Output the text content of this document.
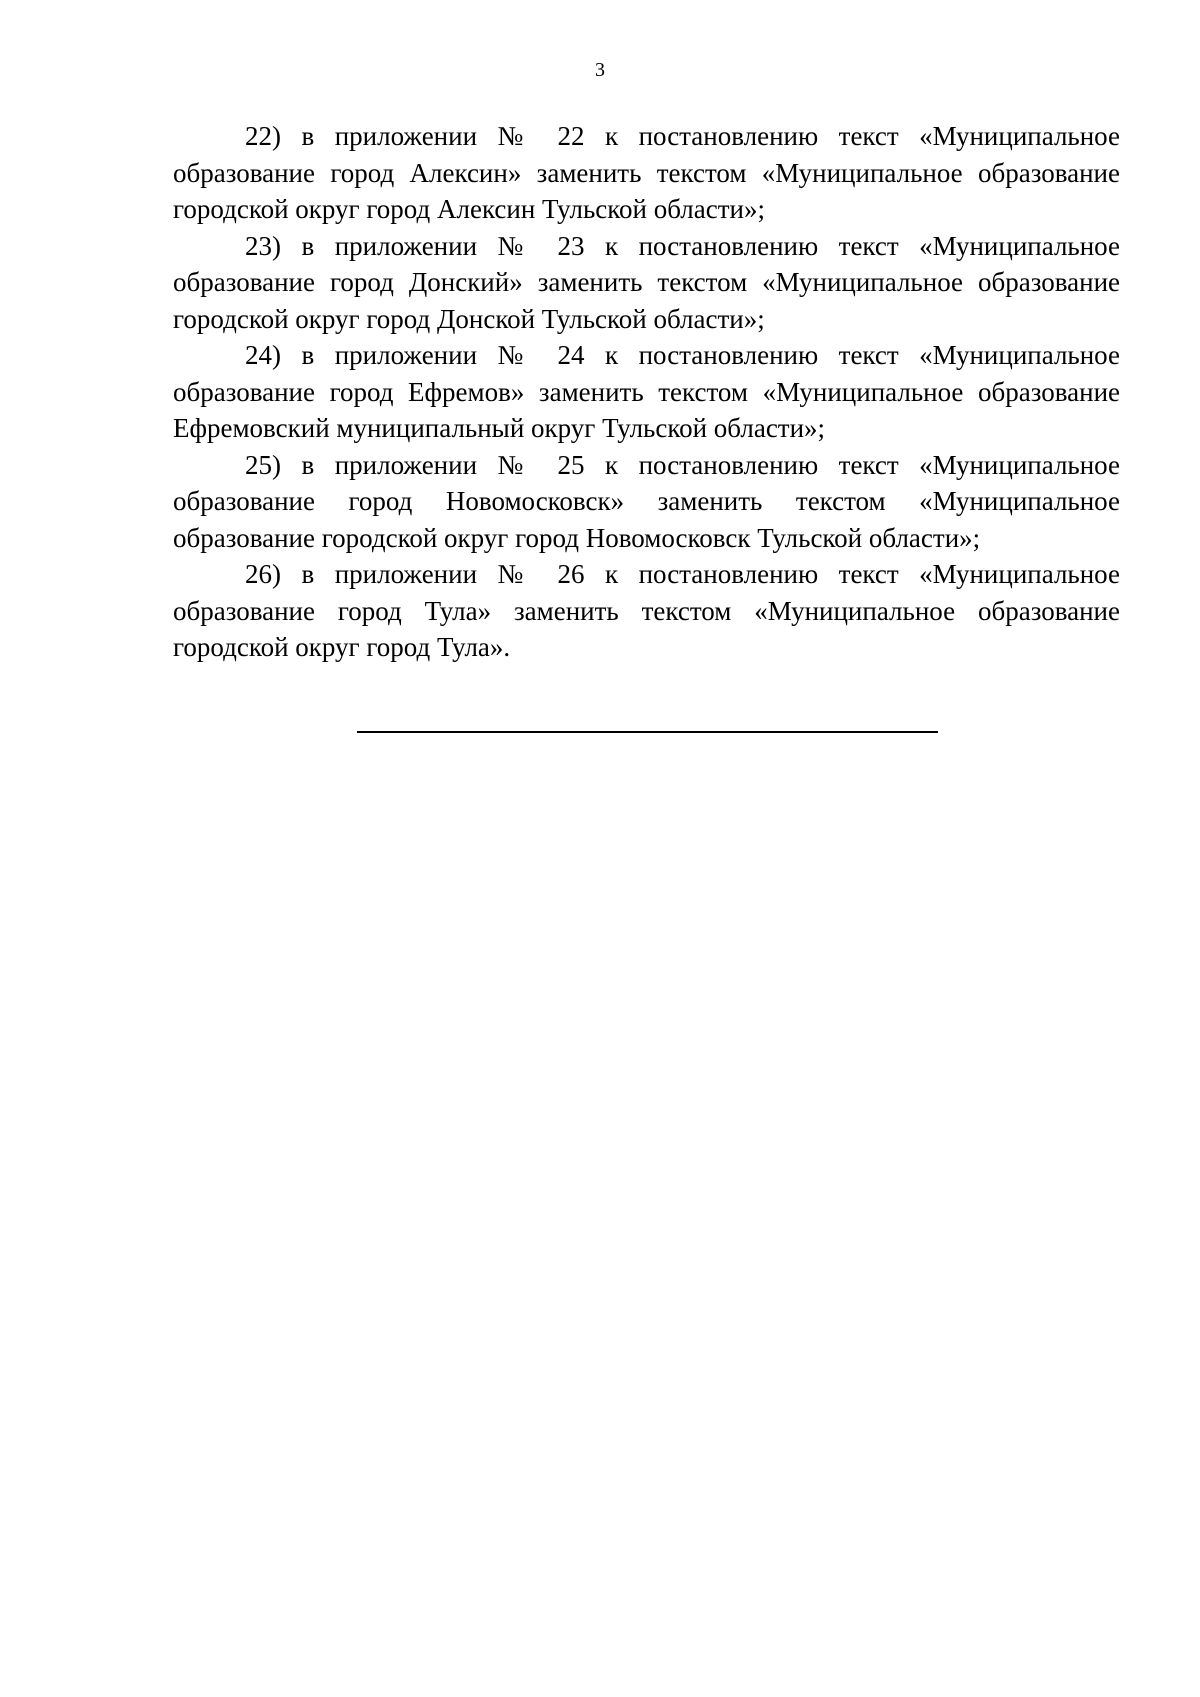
3

22) в приложении № 22 к постановлению текст «Муниципальное образование город Алексин» заменить текстом «Муниципальное образование городской округ город Алексин Тульской области»;

23) в приложении № 23 к постановлению текст «Муниципальное образование город Донский» заменить текстом «Муниципальное образование городской округ город Донской Тульской области»;

24) в приложении № 24 к постановлению текст «Муниципальное образование город Ефремов» заменить текстом «Муниципальное образование Ефремовский муниципальный округ Тульской области»;

25) в приложении № 25 к постановлению текст «Муниципальное образование город Новомосковск» заменить текстом «Муниципальное образование городской округ город Новомосковск Тульской области»;

26) в приложении № 26 к постановлению текст «Муниципальное образование город Тула» заменить текстом «Муниципальное образование городской округ город Тула».
